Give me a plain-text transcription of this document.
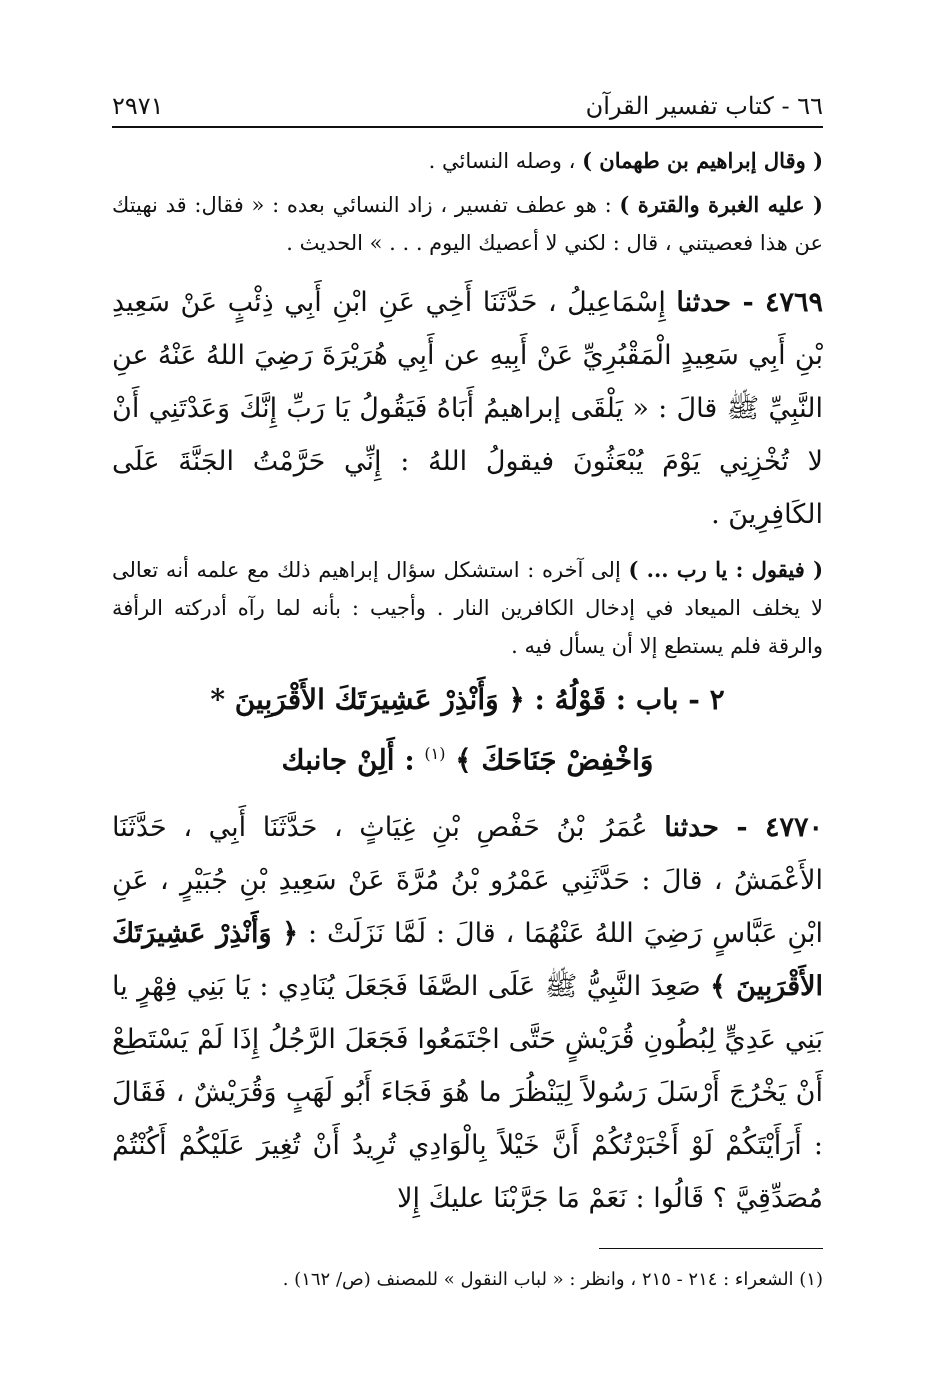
٦٦ - كتاب تفسير القرآن
٢٩٧١

( وقال إبراهيم بن طهمان ) ، وصله النسائي .

( عليه الغبرة والقترة ) : هو عطف تفسير ، زاد النسائي بعده : « فقال: قد نهيتك عن هذا فعصيتني ، قال : لكني لا أعصيك اليوم . . . » الحديث .

٤٧٦٩ - حدثنا إِسْمَاعِيلُ ، حَدَّثَنَا أَخِي عَنِ ابْنِ أَبِي ذِئْبٍ عَنْ سَعِيدِ بْنِ أَبِي سَعِيدٍ الْمَقْبُرِيِّ عَنْ أَبِيهِ عن أَبِي هُرَيْرَةَ رَضِيَ اللهُ عَنْهُ عنِ النَّبِيِّ ﷺ قالَ : « يَلْقَى إبراهيمُ أَبَاهُ فَيَقُولُ يَا رَبِّ إِنَّكَ وَعَدْتَنِي أَنْ لا تُخْزِنِي يَوْمَ يُبْعَثُونَ فيقولُ اللهُ : إِنِّي حَرَّمْتُ الجَنَّةَ عَلَى الكَافِرِينَ .

( فيقول : يا رب ... ) إلى آخره : استشكل سؤال إبراهيم ذلك مع علمه أنه تعالى لا يخلف الميعاد في إدخال الكافرين النار . وأجيب : بأنه لما رآه أدركته الرأفة والرقة فلم يستطع إلا أن يسأل فيه .

٢ - باب : قَوْلُهُ : ﴿ وَأَنْذِرْ عَشِيرَتَكَ الأَقْرَبِينَ *
وَاخْفِضْ جَنَاحَكَ ﴾ $^{(١)}$ : أَلِنْ جانبك

٤٧٧٠ - حدثنا عُمَرُ بْنُ حَفْصِ بْنِ غِيَاثٍ ، حَدَّثَنَا أَبِي ، حَدَّثَنَا الأَعْمَشُ ، قالَ : حَدَّثَنِي عَمْرُو بْنُ مُرَّةَ عَنْ سَعِيدِ بْنِ جُبَيْرٍ ، عَنِ ابْنِ عَبَّاسٍ رَضِيَ اللهُ عَنْهُمَا ، قالَ : لَمَّا نَزَلَتْ : ﴿ وَأَنْذِرْ عَشِيرَتَكَ الأَقْرَبِينَ ﴾ صَعِدَ النَّبِيُّ ﷺ عَلَى الصَّفَا فَجَعَلَ يُنَادِي : يَا بَنِي فِهْرٍ يا بَنِي عَدِيٍّ لِبُطُونِ قُرَيْشٍ حَتَّى اجْتَمَعُوا فَجَعَلَ الرَّجُلُ إِذَا لَمْ يَسْتَطِعْ أَنْ يَخْرُجَ أَرْسَلَ رَسُولاً لِيَنْظُرَ ما هُوَ فَجَاءَ أَبُو لَهَبٍ وَقُرَيْشٌ ، فَقَالَ : أَرَأَيْتَكُمْ لَوْ أَخْبَرْتُكُمْ أَنَّ خَيْلاً بِالْوَادِي تُرِيدُ أَنْ تُغِيرَ عَلَيْكُمْ أَكُنْتُمْ مُصَدِّقِيَّ ؟ قَالُوا : نَعَمْ مَا جَرَّبْنَا عليكَ إِلا

(١) الشعراء : ٢١٤ - ٢١٥ ، وانظر : « لباب النقول » للمصنف (ص/ ١٦٢) .
